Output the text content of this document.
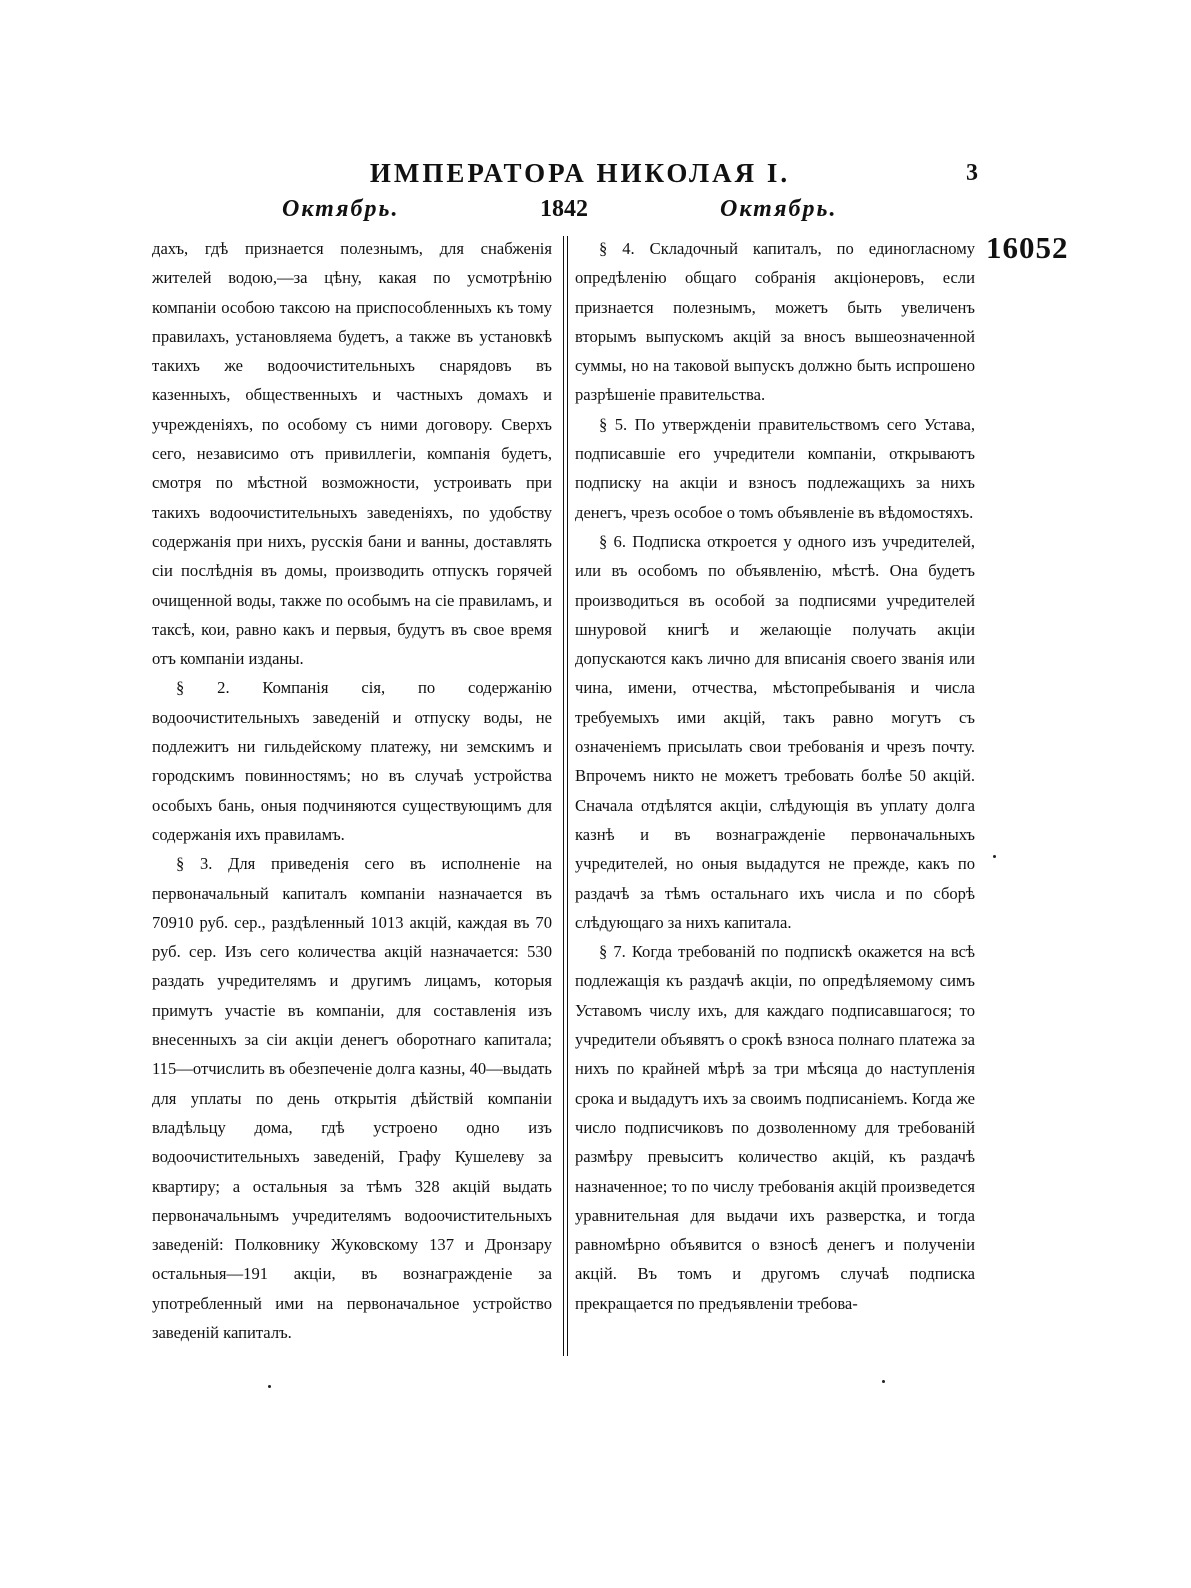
ИМПЕРАТОРА НИКОЛАЯ I.	3
Октябрь.	1842	Октябрь.
16052

дахъ, гдѣ признается полезнымъ, для снабженія жителей водою,—за цѣну, какая по усмотрѣнію компаніи особою таксою на приспособленныхъ къ тому правилахъ, установляема будетъ, а также въ установкѣ такихъ же водоочистительныхъ снарядовъ въ казенныхъ, общественныхъ и частныхъ домахъ и учрежденіяхъ, по особому съ ними договору. Сверхъ сего, независимо отъ привиллегіи, компанія будетъ, смотря по мѣстной возможности, устроивать при такихъ водоочистительныхъ заведеніяхъ, по удобству содержанія при нихъ, русскія бани и ванны, доставлять сіи послѣднія въ домы, производить отпускъ горячей очищенной воды, также по особымъ на сіе правиламъ, и таксѣ, кои, равно какъ и первыя, будутъ въ свое время отъ компаніи изданы.

§ 2. Компанія сія, по содержанію водоочистительныхъ заведеній и отпуску воды, не подлежитъ ни гильдейскому платежу, ни земскимъ и городскимъ повинностямъ; но въ случаѣ устройства особыхъ бань, оныя подчиняются существующимъ для содержанія ихъ правиламъ.

§ 3. Для приведенія сего въ исполненіе на первоначальный капиталъ компаніи назначается въ 70910 руб. сер., раздѣленный 1013 акцій, каждая въ 70 руб. сер. Изъ сего количества акцій назначается: 530 раздать учредителямъ и другимъ лицамъ, которыя примутъ участіе въ компаніи, для составленія изъ внесенныхъ за сіи акціи денегъ оборотнаго капитала; 115—отчислить въ обезпеченіе долга казны, 40—выдать для уплаты по день открытія дѣйствій компаніи владѣльцу дома, гдѣ устроено одно изъ водоочистительныхъ заведеній, Графу Кушелеву за квартиру; а остальныя за тѣмъ 328 акцій выдать первоначальнымъ учредителямъ водоочистительныхъ заведеній: Полковнику Жуковскому 137 и Дронзару остальныя—191 акціи, въ вознагражденіе за употребленный ими на первоначальное устройство заведеній капиталъ.

§ 4. Складочный капиталъ, по единогласному опредѣленію общаго собранія акціонеровъ, если признается полезнымъ, можетъ быть увеличенъ вторымъ выпускомъ акцій за вносъ вышеозначенной суммы, но на таковой выпускъ должно быть испрошено разрѣшеніе правительства.

§ 5. По утвержденіи правительствомъ сего Устава, подписавшіе его учредители компаніи, открываютъ подписку на акціи и взносъ подлежащихъ за нихъ денегъ, чрезъ особое о томъ объявленіе въ вѣдомостяхъ.

§ 6. Подписка откроется у одного изъ учредителей, или въ особомъ по объявленію, мѣстѣ. Она будетъ производиться въ особой за подписями учредителей шнуровой книгѣ и желающіе получать акціи допускаются какъ лично для вписанія своего званія или чина, имени, отчества, мѣстопребыванія и числа требуемыхъ ими акцій, такъ равно могутъ съ означеніемъ присылать свои требованія и чрезъ почту. Впрочемъ никто не можетъ требовать болѣе 50 акцій. Сначала отдѣлятся акціи, слѣдующія въ уплату долга казнѣ и въ вознагражденіе первоначальныхъ учредителей, но оныя выдадутся не прежде, какъ по раздачѣ за тѣмъ остальнаго ихъ числа и по сборѣ слѣдующаго за нихъ капитала.

§ 7. Когда требованій по подпискѣ окажется на всѣ подлежащія къ раздачѣ акціи, по опредѣляемому симъ Уставомъ числу ихъ, для каждаго подписавшагося; то учредители объявятъ о срокѣ взноса полнаго платежа за нихъ по крайней мѣрѣ за три мѣсяца до наступленія срока и выдадутъ ихъ за своимъ подписаніемъ. Когда же число подписчиковъ по дозволенному для требованій размѣру превыситъ количество акцій, къ раздачѣ назначенное; то по числу требованія акцій произведется уравнительная для выдачи ихъ разверстка, и тогда равномѣрно объявится о взносѣ денегъ и полученіи акцій. Въ томъ и другомъ случаѣ подписка прекращается по предъявленіи требова-
